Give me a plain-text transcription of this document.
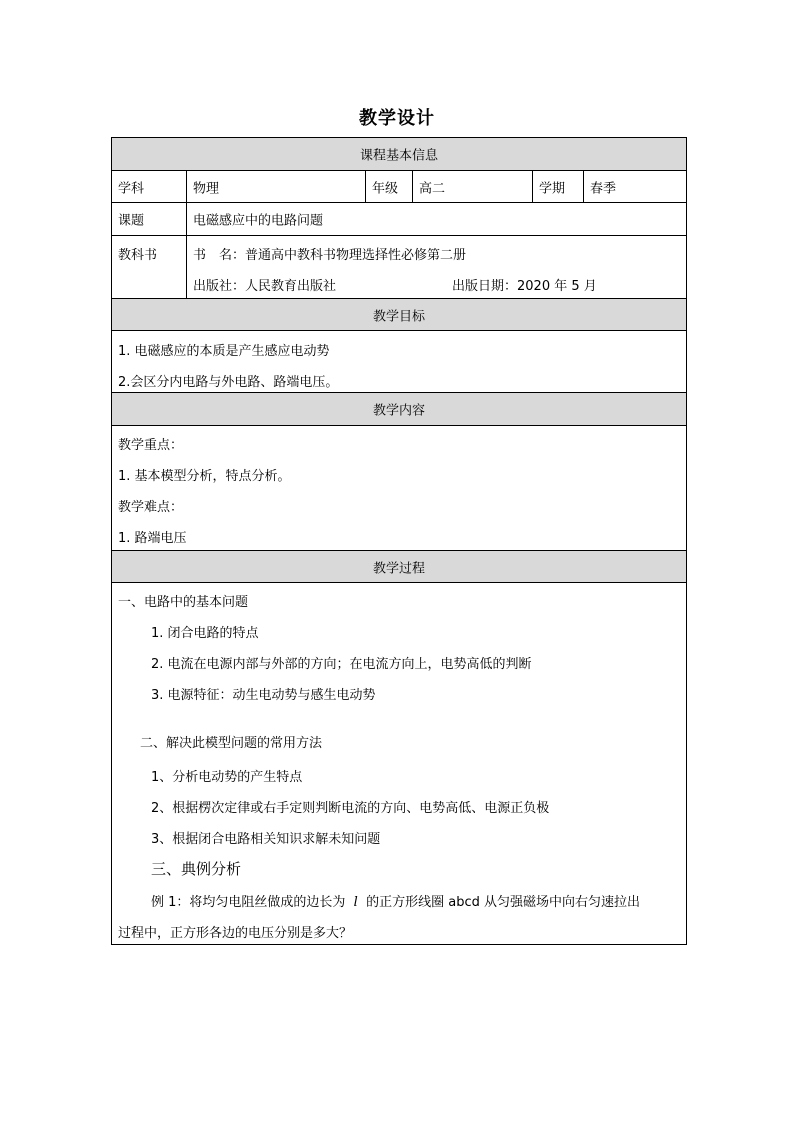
教学设计
课程基本信息
学科	物理	年级 高二	学期 春季
课题	电磁感应中的电路问题
教科书	书　名：普通高中教科书物理选择性必修第二册
出版社：人民教育出版社	出版日期：2020 年 5 月
教学目标
1. 电磁感应的本质是产生感应电动势
2.会区分内电路与外电路、路端电压。
教学内容
教学重点：
1. 基本模型分析，特点分析。
教学难点：
1. 路端电压
教学过程
一、电路中的基本问题
1. 闭合电路的特点
2. 电流在电源内部与外部的方向；在电流方向上，电势高低的判断
3. 电源特征：动生电动势与感生电动势
二、解决此模型问题的常用方法
1、分析电动势的产生特点
2、根据楞次定律或右手定则判断电流的方向、电势高低、电源正负极
3、根据闭合电路相关知识求解未知问题
三、典例分析
例 1：将均匀电阻丝做成的边长为 l 的正方形线圈 abcd 从匀强磁场中向右匀速拉出
过程中，正方形各边的电压分别是多大？
